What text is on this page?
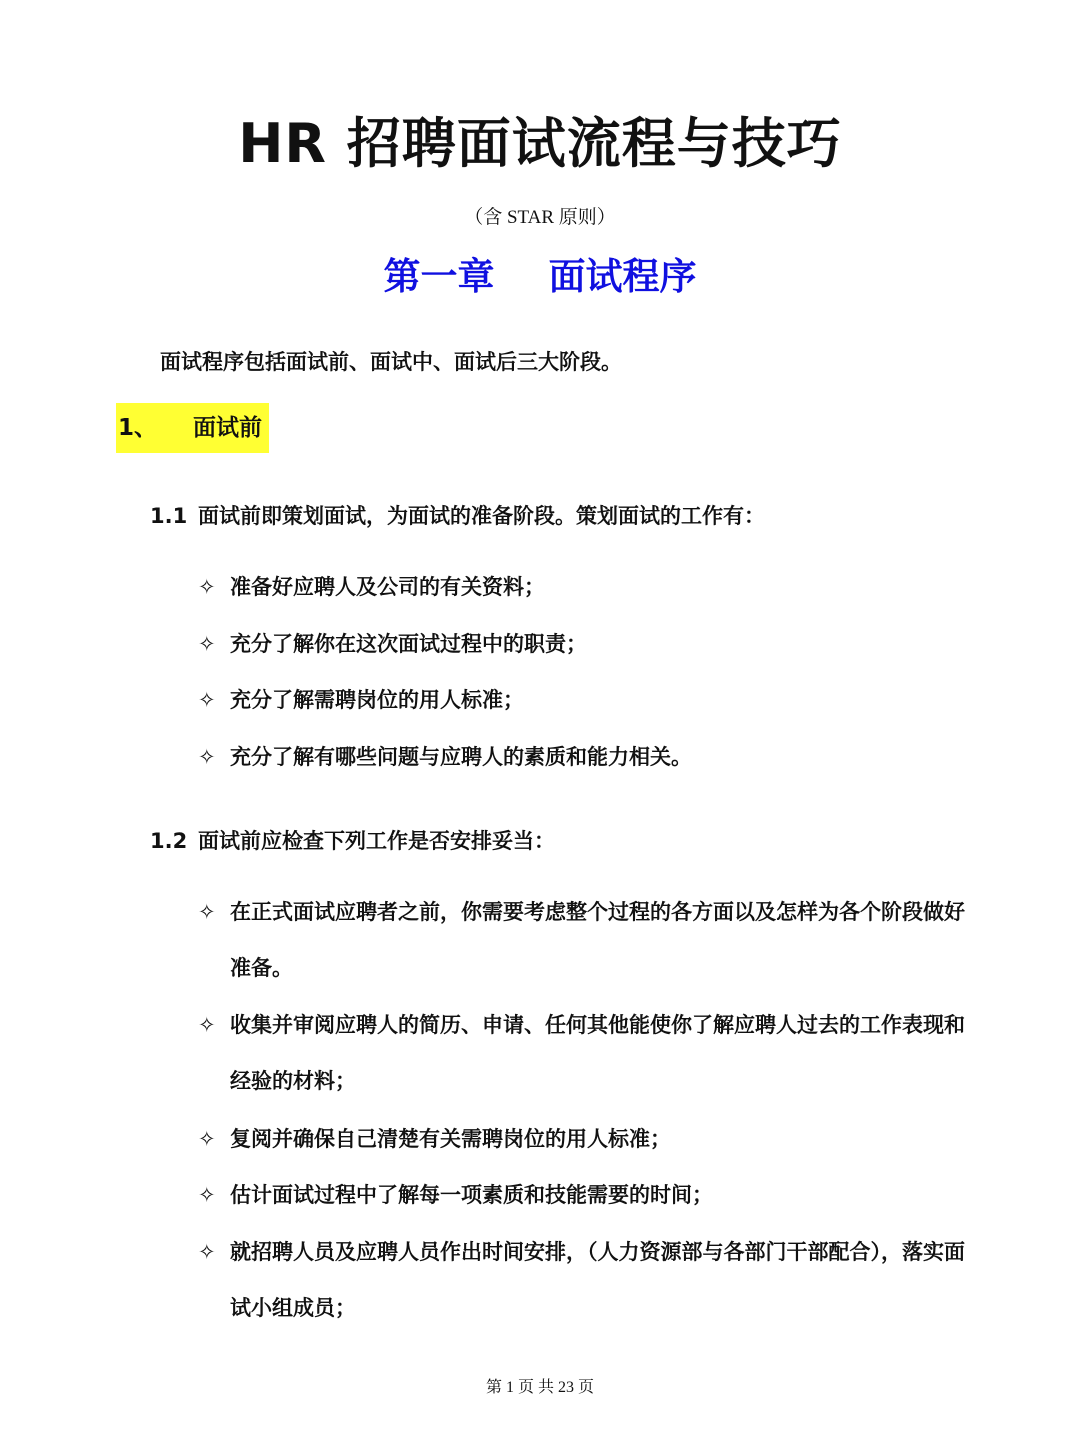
HR 招聘面试流程与技巧
（含 STAR 原则）
第一章 面试程序
面试程序包括面试前、面试中、面试后三大阶段。
1、 面试前
1.1 面试前即策划面试，为面试的准备阶段。策划面试的工作有：
✧ 准备好应聘人及公司的有关资料；
✧ 充分了解你在这次面试过程中的职责；
✧ 充分了解需聘岗位的用人标准；
✧ 充分了解有哪些问题与应聘人的素质和能力相关。
1.2 面试前应检查下列工作是否安排妥当：
✧ 在正式面试应聘者之前，你需要考虑整个过程的各方面以及怎样为各个阶段做好准备。
✧ 收集并审阅应聘人的简历、申请、任何其他能使你了解应聘人过去的工作表现和经验的材料；
✧ 复阅并确保自己清楚有关需聘岗位的用人标准；
✧ 估计面试过程中了解每一项素质和技能需要的时间；
✧ 就招聘人员及应聘人员作出时间安排，（人力资源部与各部门干部配合），落实面试小组成员；
第 1 页 共 23 页
